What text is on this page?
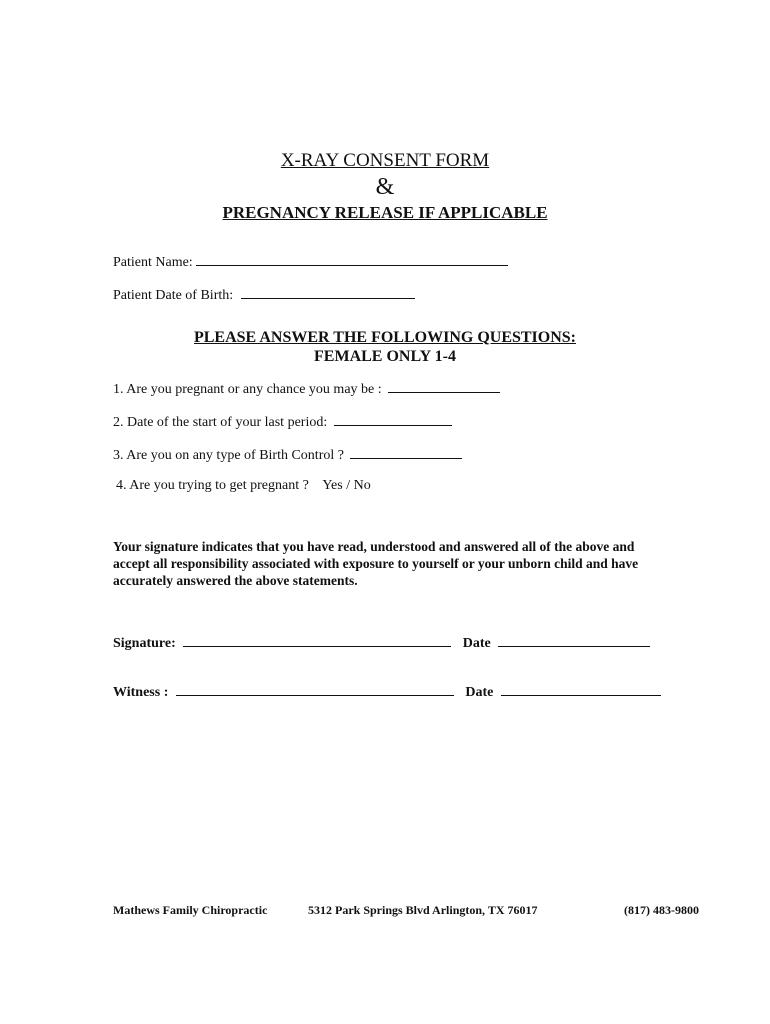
X-RAY CONSENT FORM
&
PREGNANCY RELEASE IF APPLICABLE
Patient Name:
Patient Date of Birth:
PLEASE ANSWER THE FOLLOWING QUESTIONS:
FEMALE ONLY 1-4
1. Are you pregnant or any chance you may be :
2. Date of the start of your last period:
3. Are you on any type of Birth Control ?
4. Are you trying to get pregnant ? Yes / No
Your signature indicates that you have read, understood and answered all of the above and accept all responsibility associated with exposure to yourself or your unborn child and have accurately answered the above statements.
Signature:	Date
Witness :	Date
Mathews Family Chiropractic	5312 Park Springs Blvd Arlington, TX 76017	(817) 483-9800
